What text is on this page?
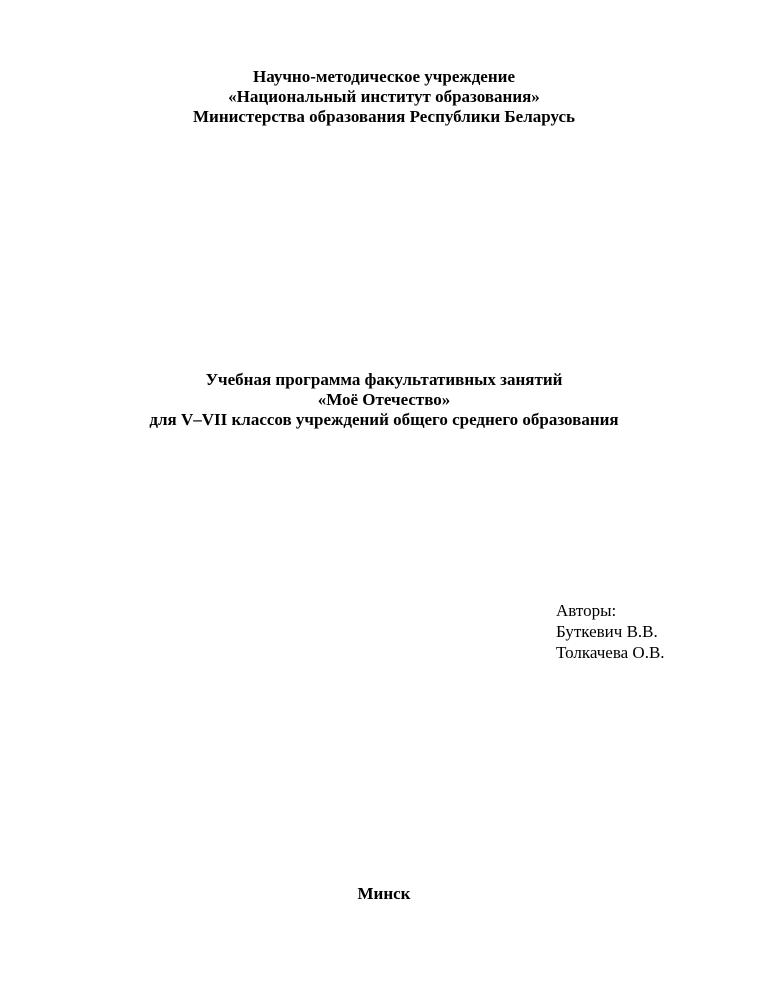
Научно-методическое учреждение
«Национальный институт образования»
Министерства образования Республики Беларусь
Учебная программа факультативных занятий
«Моё Отечество»
для V–VII классов учреждений общего среднего образования
Авторы:
Буткевич В.В.
Толкачева О.В.
Минск
